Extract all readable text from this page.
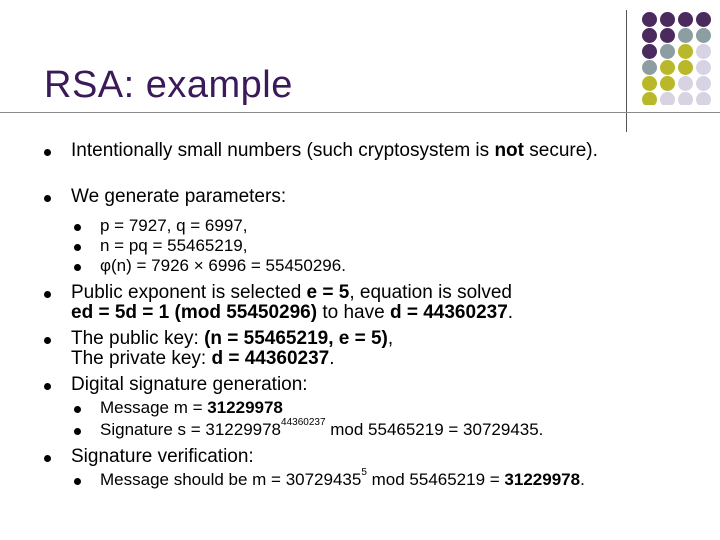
RSA: example
Intentionally small numbers (such cryptosystem is not secure).
We generate parameters:
p = 7927, q = 6997,
n = pq = 55465219,
φ(n) = 7926 × 6996 = 55450296.
Public exponent is selected e = 5, equation is solved
ed = 5d = 1 (mod 55450296) to have d = 44360237.
The public key: (n = 55465219, e = 5),
The private key: d = 44360237.
Digital signature generation:
Message m = 31229978
Signature $s = 31229978^{44360237}$ mod 55465219 = 30729435.
Signature verification:
Message should be $m = 30729435^5$ mod 55465219 = 31229978.
